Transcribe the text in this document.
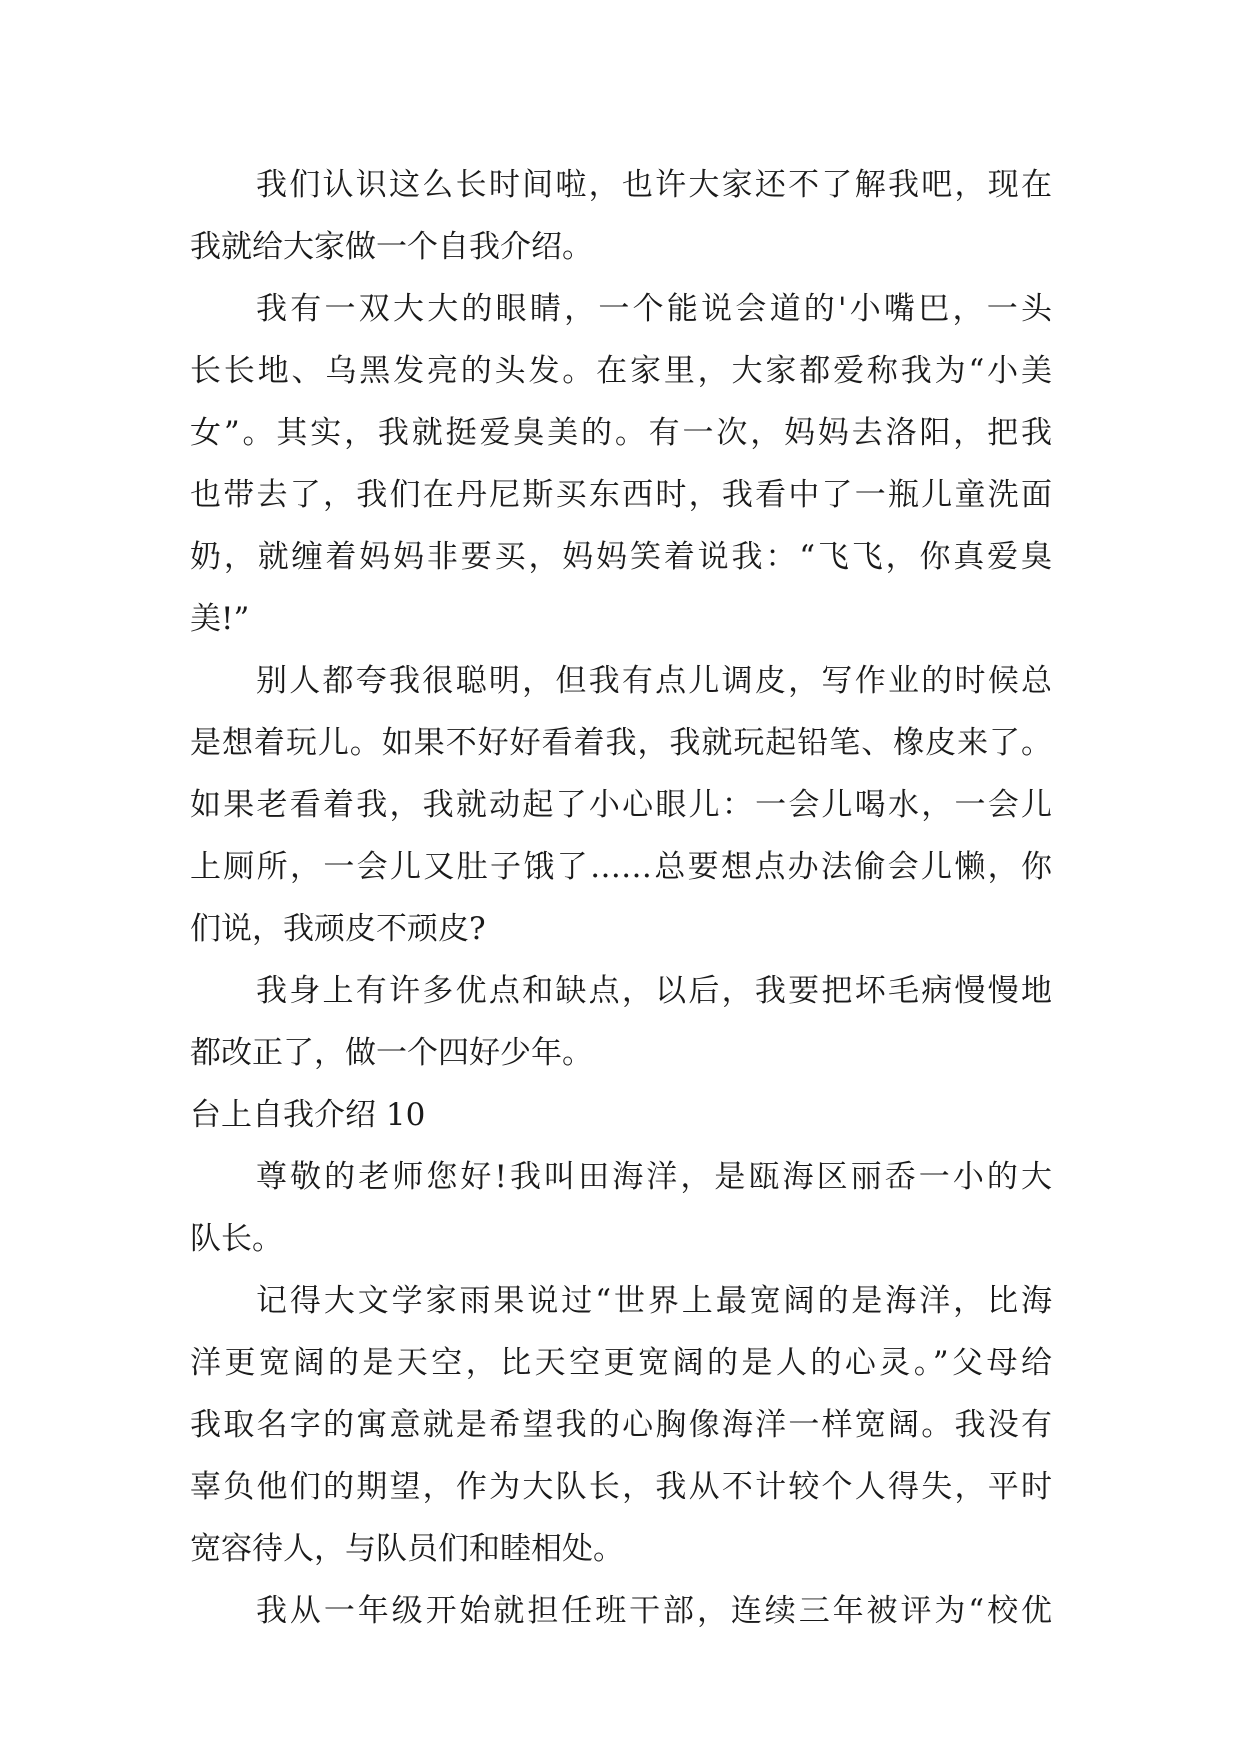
我们认识这么长时间啦，也许大家还不了解我吧，现在
我就给大家做一个自我介绍。
我有一双大大的眼睛，一个能说会道的'小嘴巴，一头
长长地、乌黑发亮的头发。在家里，大家都爱称我为“小美
女”。其实，我就挺爱臭美的。有一次，妈妈去洛阳，把我
也带去了，我们在丹尼斯买东西时，我看中了一瓶儿童洗面
奶，就缠着妈妈非要买，妈妈笑着说我：“飞飞，你真爱臭
美!”
别人都夸我很聪明，但我有点儿调皮，写作业的时候总
是想着玩儿。如果不好好看着我，我就玩起铅笔、橡皮来了。
如果老看着我，我就动起了小心眼儿：一会儿喝水，一会儿
上厕所，一会儿又肚子饿了……总要想点办法偷会儿懒，你
们说，我顽皮不顽皮?
我身上有许多优点和缺点，以后，我要把坏毛病慢慢地
都改正了，做一个四好少年。
台上自我介绍 10
尊敬的老师您好!我叫田海洋，是瓯海区丽岙一小的大
队长。
记得大文学家雨果说过“世界上最宽阔的是海洋，比海
洋更宽阔的是天空，比天空更宽阔的是人的心灵。”父母给
我取名字的寓意就是希望我的心胸像海洋一样宽阔。我没有
辜负他们的期望，作为大队长，我从不计较个人得失，平时
宽容待人，与队员们和睦相处。
我从一年级开始就担任班干部，连续三年被评为“校优
